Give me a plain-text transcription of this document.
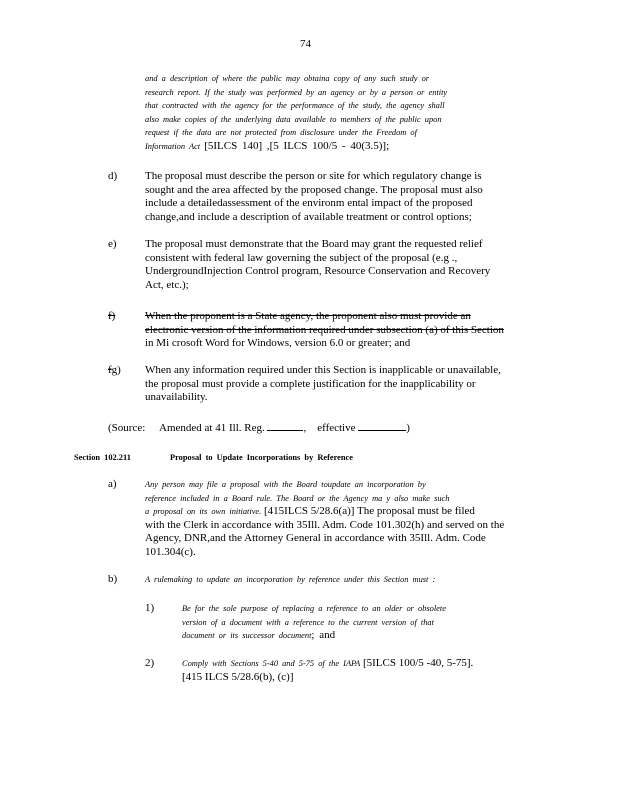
74
and a description of where the public may obtaina copy of any such study or
research report. If the study was performed by an agency or by a person or entity
that contracted with the agency for the performance of the study, the agency shall
also make copies of the underlying data available to members of the public upon
request if the data are not protected from disclosure under the Freedom of
Information Act [5ILCS 140] ,[5 ILCS 100/5 - 40(3.5)];
d)	The proposal must describe the person or site for which regulatory change is
sought and the area affected by the proposed change. The proposal must also
include a detailedassessment of the environm ental impact of the proposed
change,and include a description of available treatment or control options;
e)	The proposal must demonstrate that the Board may grant the requested relief
consistent with federal law governing the subject of the proposal (e.g .,
UndergroundInjection Control program, Resource Conservation and Recovery
Act, etc.);
f)	When the proponent is a State agency, the proponent also must provide an
electronic version of the information required under subsection (a) of this Section
in Mi crosoft Word for Windows, version 6.0 or greater; and
fg) When any information required under this Section is inapplicable or unavailable,
the proposal must provide a complete justification for the inapplicability or
unavailability.
(Source: Amended at 41 Ill. Reg.	,    effective	)
Section 102.211	Proposal to Update Incorporations by Reference
a)	Any person may file a proposal with the Board toupdate an incorporation by
reference included in a Board rule. The Board or the Agency ma y also make such
a proposal on its own initiative. [415ILCS 5/28.6(a)] The proposal must be filed
with the Clerk in accordance with 35Ill. Adm. Code 101.302(h) and served on the
Agency, DNR,and the Attorney General in accordance with 35Ill. Adm. Code
101.304(c).
b)	A rulemaking to update an incorporation by reference under this Section must :
1)	Be for the sole purpose of replacing a reference to an older or obsolete
version of a document with a reference to the current version of that
document or its successor document; and
2)	Comply with Sections 5-40 and 5-75 of the IAPA [5ILCS 100/5 -40, 5-75].
[415 ILCS 5/28.6(b), (c)]
